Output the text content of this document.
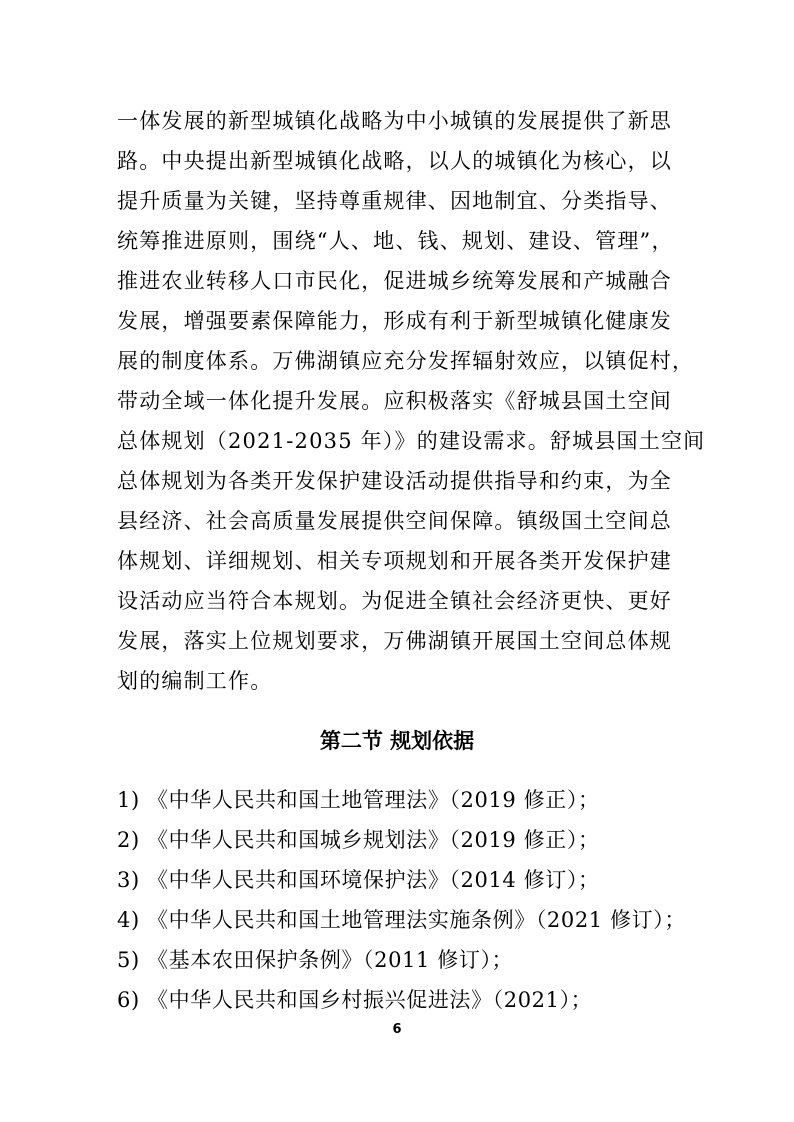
一体发展的新型城镇化战略为中小城镇的发展提供了新思
路。中央提出新型城镇化战略，以人的城镇化为核心，以
提升质量为关键，坚持尊重规律、因地制宜、分类指导、
统筹推进原则，围绕“人、地、钱、规划、建设、管理”，
推进农业转移人口市民化，促进城乡统筹发展和产城融合
发展，增强要素保障能力，形成有利于新型城镇化健康发
展的制度体系。万佛湖镇应充分发挥辐射效应，以镇促村，
带动全域一体化提升发展。应积极落实《舒城县国土空间
总体规划（2021-2035 年）》的建设需求。舒城县国土空间
总体规划为各类开发保护建设活动提供指导和约束，为全
县经济、社会高质量发展提供空间保障。镇级国土空间总
体规划、详细规划、相关专项规划和开展各类开发保护建
设活动应当符合本规划。为促进全镇社会经济更快、更好
发展，落实上位规划要求，万佛湖镇开展国土空间总体规
划的编制工作。
第二节 规划依据
1) 《中华人民共和国土地管理法》（2019 修正）；
2) 《中华人民共和国城乡规划法》（2019 修正）；
3) 《中华人民共和国环境保护法》（2014 修订）；
4) 《中华人民共和国土地管理法实施条例》（2021 修订）；
5) 《基本农田保护条例》（2011 修订）；
6) 《中华人民共和国乡村振兴促进法》（2021）；
6
